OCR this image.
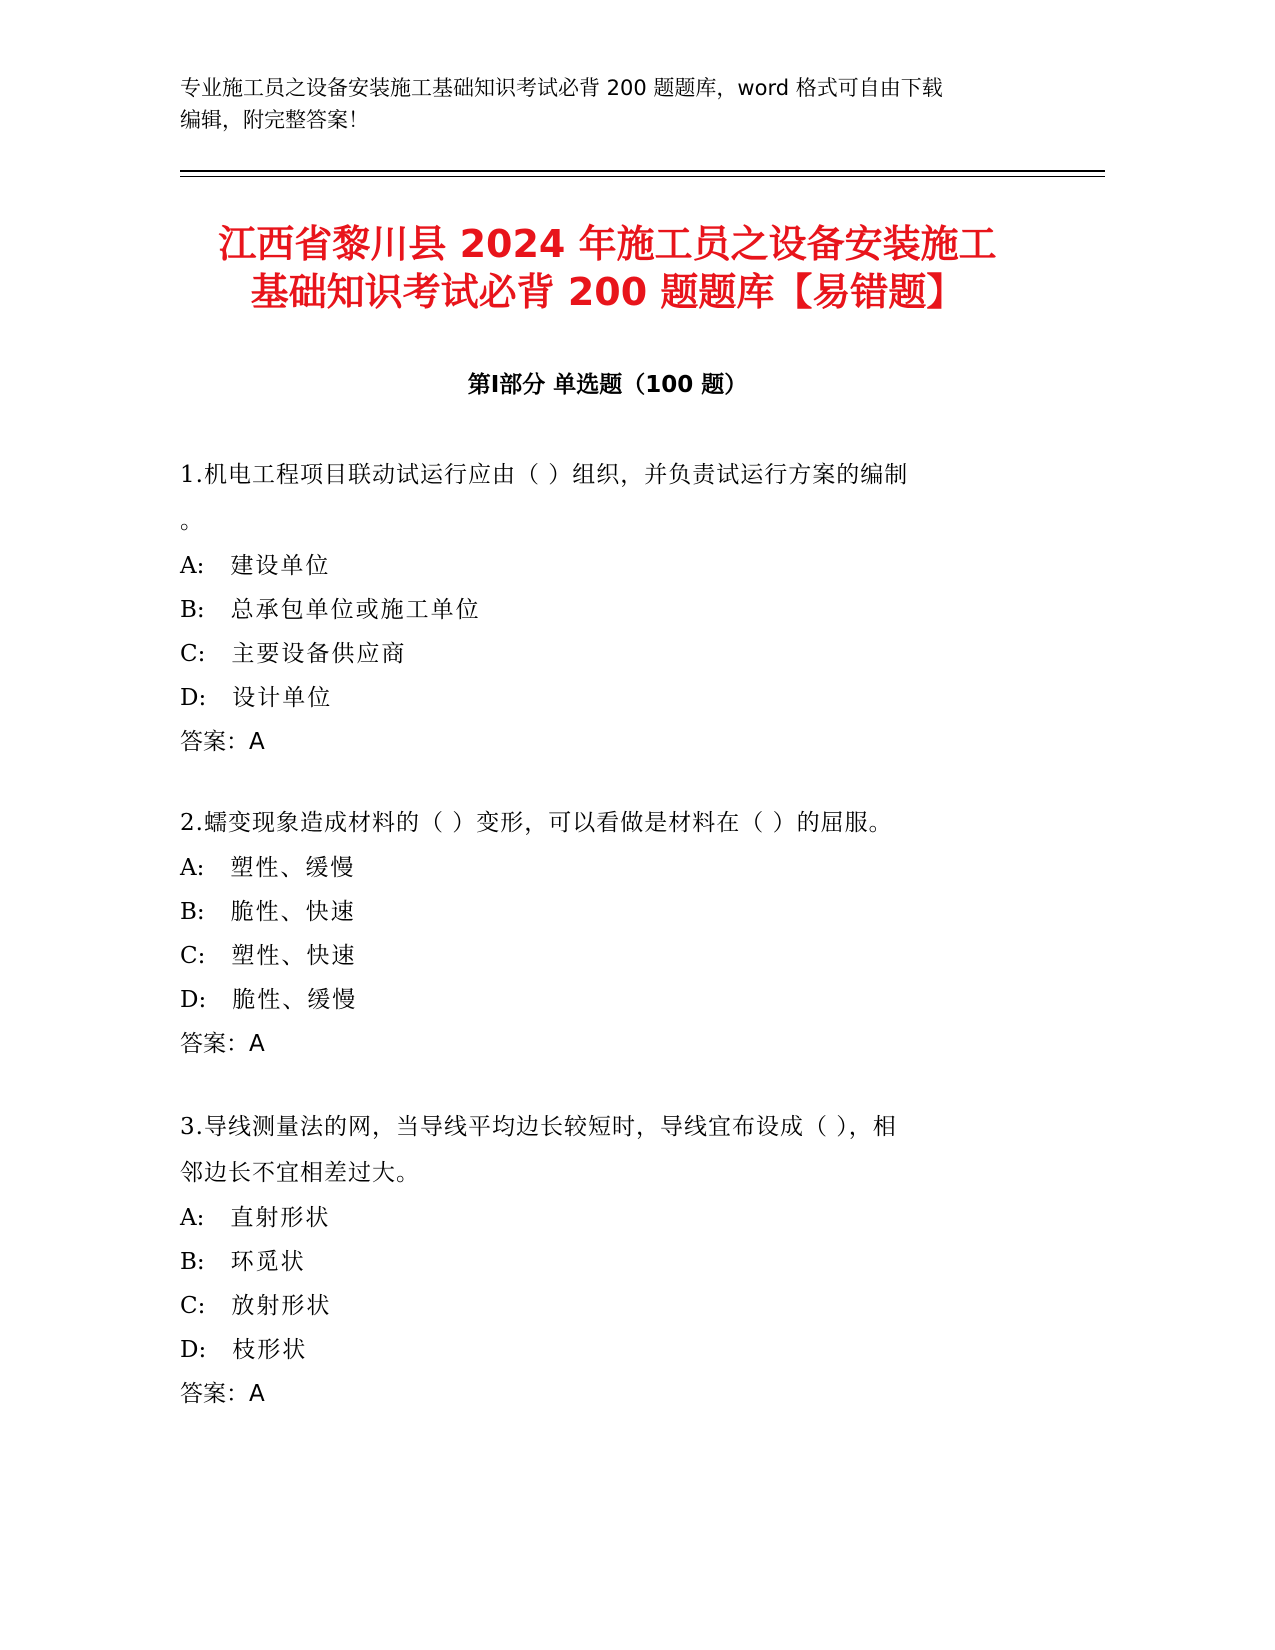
专业施工员之设备安装施工基础知识考试必背 200 题题库，word 格式可自由下载
编辑，附完整答案！
江西省黎川县 2024 年施工员之设备安装施工
基础知识考试必背 200 题题库【易错题】
第Ⅰ部分 单选题（100 题）
1.机电工程项目联动试运行应由（ ）组织，并负责试运行方案的编制
。
A: 建设单位
B: 总承包单位或施工单位
C: 主要设备供应商
D: 设计单位
答案：A
2.蠕变现象造成材料的（ ）变形，可以看做是材料在（ ）的屈服。
A: 塑性、缓慢
B: 脆性、快速
C: 塑性、快速
D: 脆性、缓慢
答案：A
3.导线测量法的网，当导线平均边长较短时，导线宜布设成（ ），相
邻边长不宜相差过大。
A: 直射形状
B: 环觅状
C: 放射形状
D: 枝形状
答案：A
